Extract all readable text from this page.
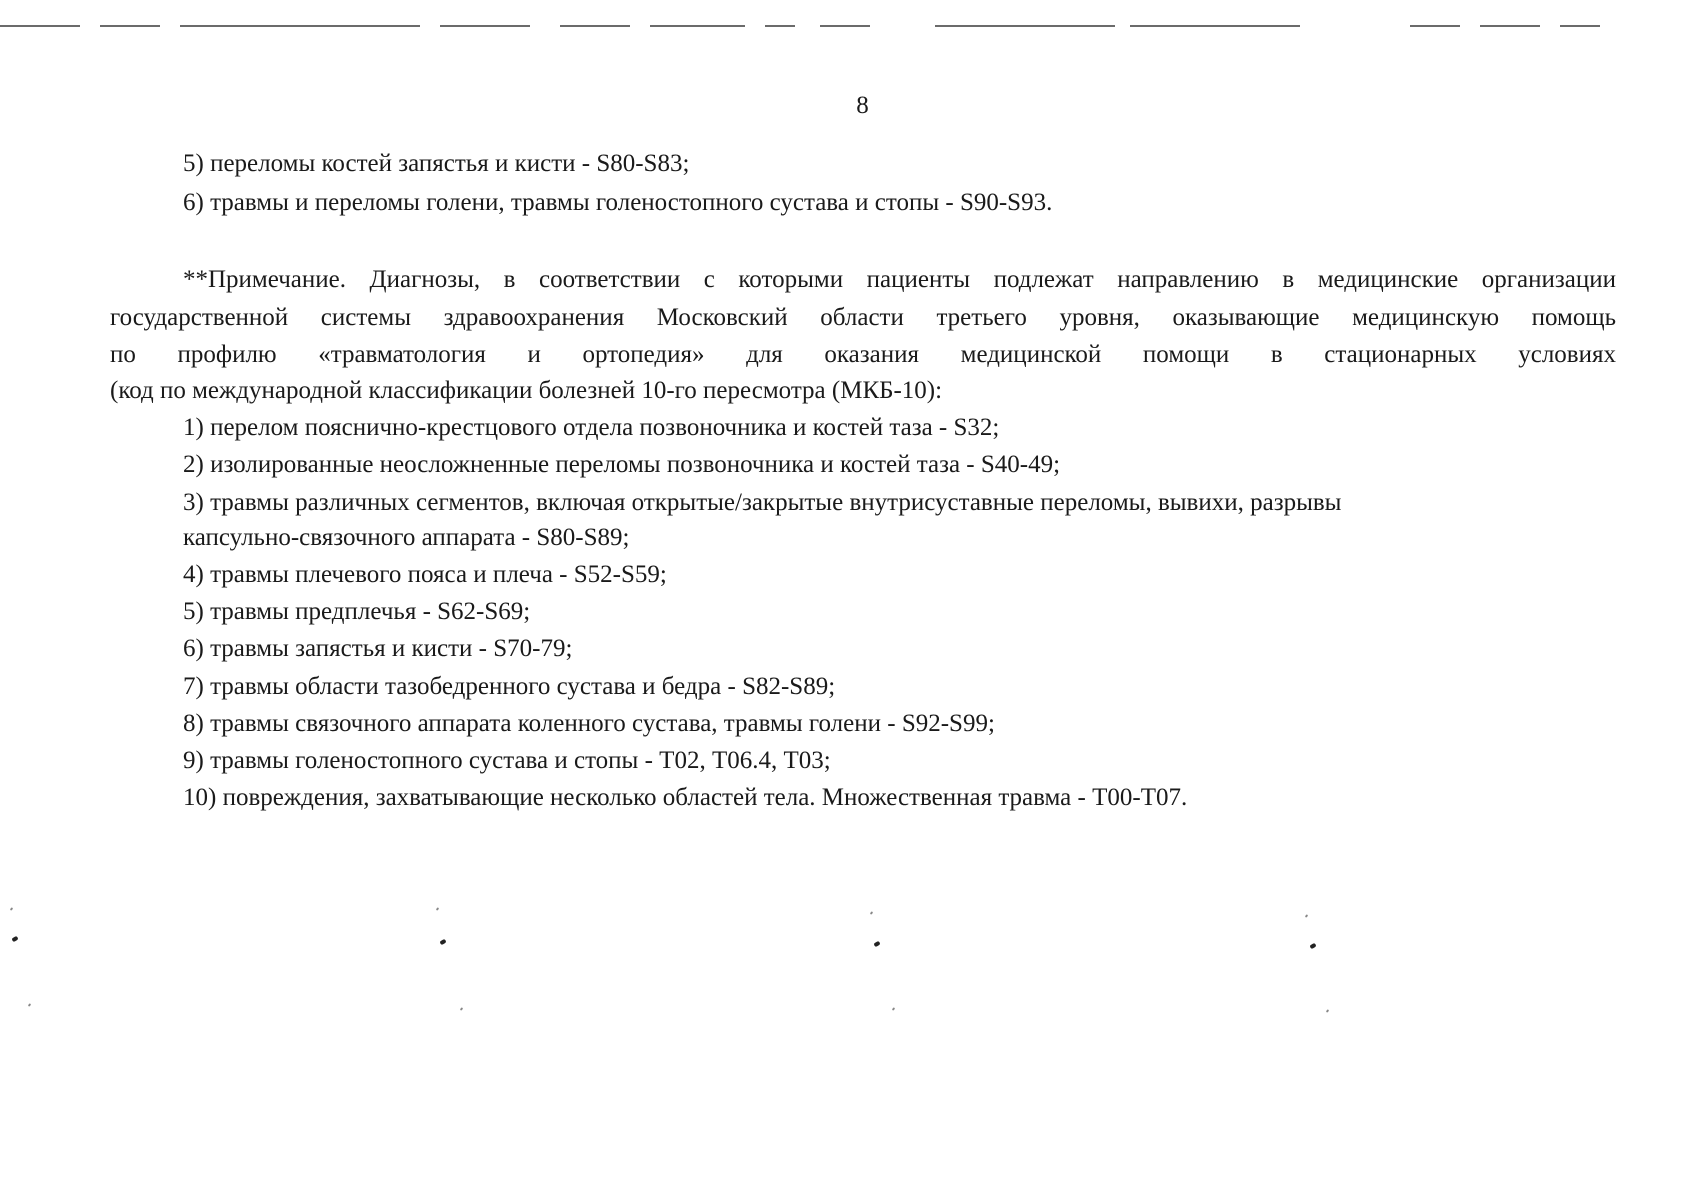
8
5) переломы костей запястья и кисти - S80-S83;
6) травмы и переломы голени, травмы голеностопного сустава и стопы - S90-S93.
**Примечание. Диагнозы, в соответствии с которыми пациенты подлежат направлению в медицинские организации
государственной системы здравоохранения Московский области третьего уровня, оказывающие медицинскую помощь
по профилю «травматология и ортопедия» для оказания медицинской помощи в стационарных условиях
(код по международной классификации болезней 10-го пересмотра (МКБ-10):
1) перелом пояснично-крестцового отдела позвоночника и костей таза - S32;
2) изолированные неосложненные переломы позвоночника и костей таза - S40-49;
3) травмы различных сегментов, включая открытые/закрытые внутрисуставные переломы, вывихи, разрывы
капсульно-связочного аппарата - S80-S89;
4) травмы плечевого пояса и плеча - S52-S59;
5) травмы предплечья - S62-S69;
6) травмы запястья и кисти - S70-79;
7) травмы области тазобедренного сустава и бедра - S82-S89;
8) травмы связочного аппарата коленного сустава, травмы голени - S92-S99;
9) травмы голеностопного сустава и стопы - Т02, Т06.4, Т03;
10) повреждения, захватывающие несколько областей тела. Множественная травма - Т00-Т07.
